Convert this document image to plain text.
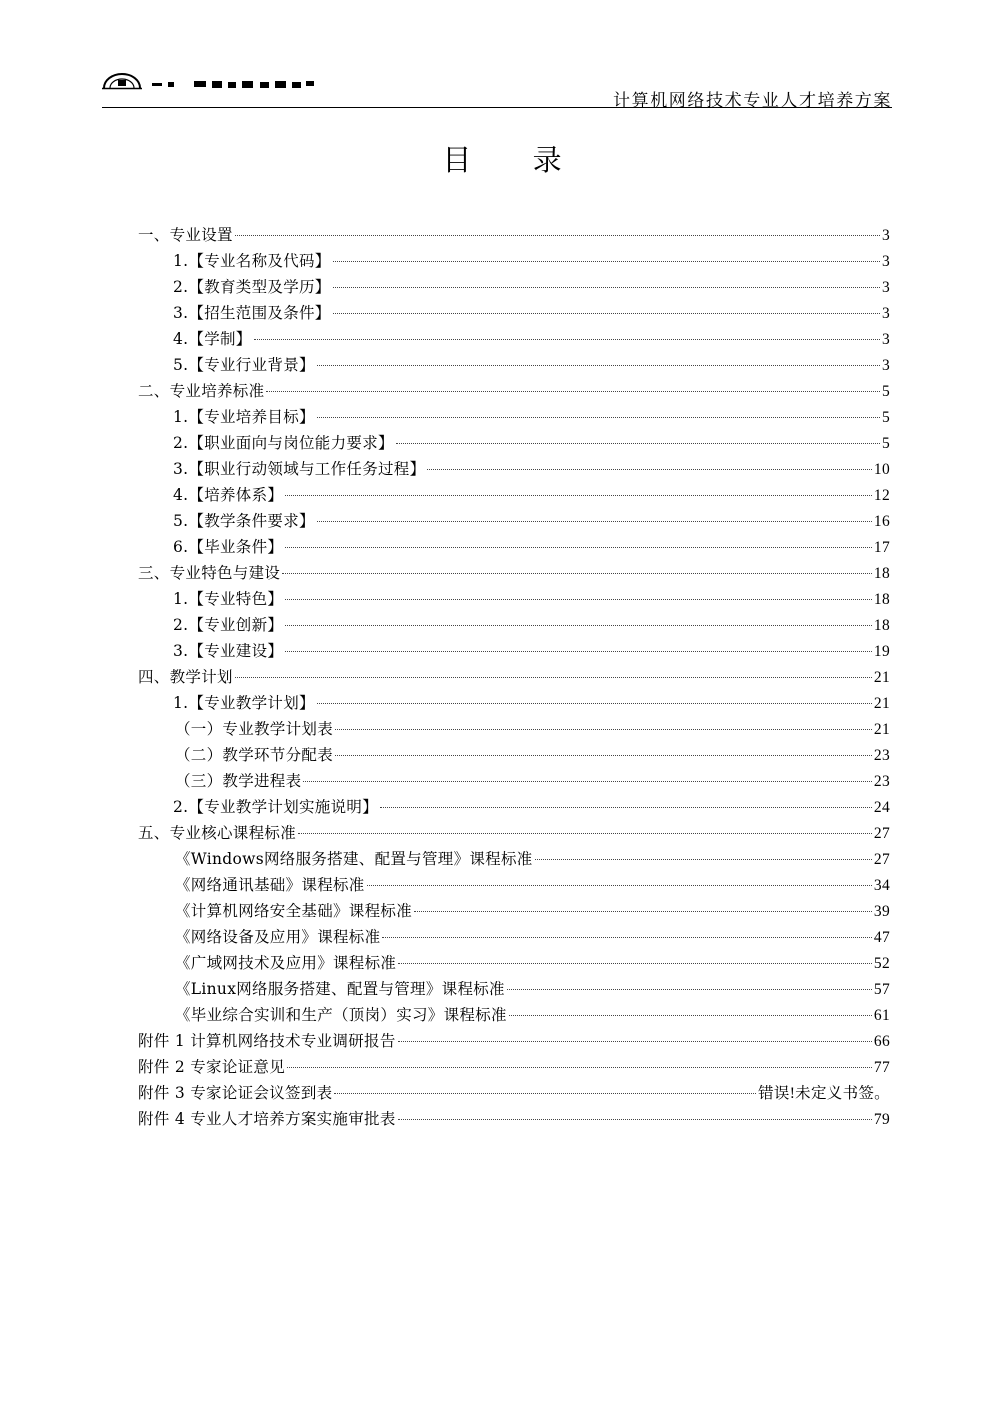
计算机网络技术专业人才培养方案
目 录
一、专业设置	3
1.【专业名称及代码】	3
2.【教育类型及学历】	3
3.【招生范围及条件】	3
4.【学制】	3
5.【专业行业背景】	3
二、专业培养标准	5
1.【专业培养目标】	5
2.【职业面向与岗位能力要求】	5
3.【职业行动领域与工作任务过程】	10
4.【培养体系】	12
5.【教学条件要求】	16
6.【毕业条件】	17
三、专业特色与建设	18
1.【专业特色】	18
2.【专业创新】	18
3.【专业建设】	19
四、教学计划	21
1.【专业教学计划】	21
（一）专业教学计划表	21
（二）教学环节分配表	23
（三）教学进程表	23
2.【专业教学计划实施说明】	24
五、专业核心课程标准	27
《Windows网络服务搭建、配置与管理》课程标准	27
《网络通讯基础》课程标准	34
《计算机网络安全基础》课程标准	39
《网络设备及应用》课程标准	47
《广域网技术及应用》课程标准	52
《Linux网络服务搭建、配置与管理》课程标准	57
《毕业综合实训和生产（顶岗）实习》课程标准	61
附件 1 计算机网络技术专业调研报告	66
附件 2 专家论证意见	77
附件 3 专家论证会议签到表	错误!未定义书签。
附件 4 专业人才培养方案实施审批表	79
